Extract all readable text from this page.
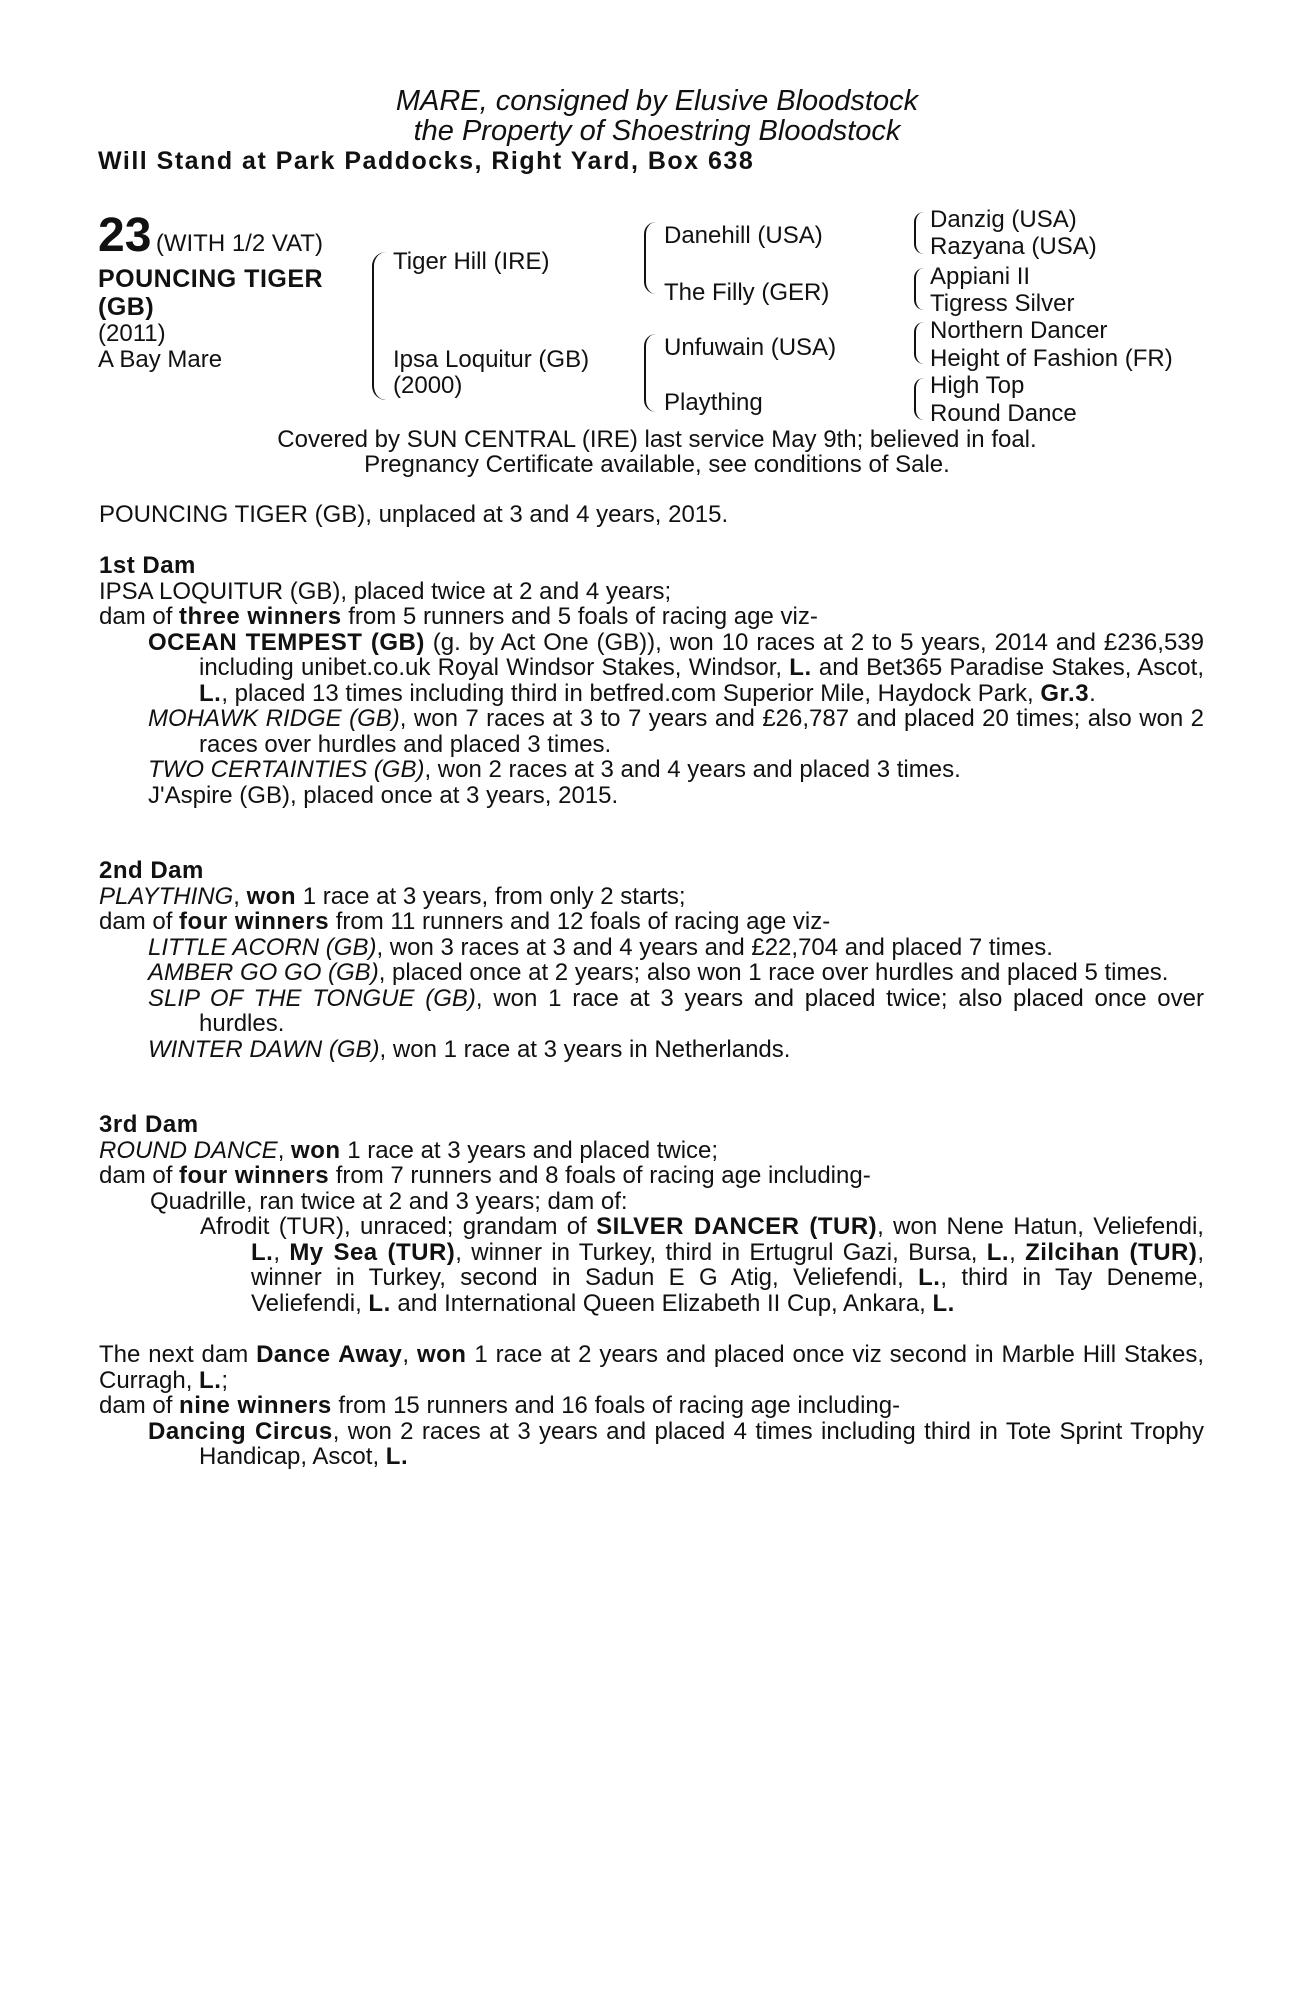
MARE, consigned by Elusive Bloodstock
the Property of Shoestring Bloodstock
Will Stand at Park Paddocks, Right Yard, Box 638
23 (WITH 1/2 VAT)
POUNCING TIGER
(GB)
(2011)
A Bay Mare
Tiger Hill (IRE)
Ipsa Loquitur (GB)
(2000)
Danehill (USA)
The Filly (GER)
Unfuwain (USA)
Plaything
Danzig (USA)
Razyana (USA)
Appiani II
Tigress Silver
Northern Dancer
Height of Fashion (FR)
High Top
Round Dance
Covered by SUN CENTRAL (IRE) last service May 9th; believed in foal.
Pregnancy Certificate available, see conditions of Sale.
POUNCING TIGER (GB), unplaced at 3 and 4 years, 2015.
1st Dam
IPSA LOQUITUR (GB), placed twice at 2 and 4 years;
dam of three winners from 5 runners and 5 foals of racing age viz-
OCEAN TEMPEST (GB) (g. by Act One (GB)), won 10 races at 2 to 5 years, 2014 and £236,539 including unibet.co.uk Royal Windsor Stakes, Windsor, L. and Bet365 Paradise Stakes, Ascot, L., placed 13 times including third in betfred.com Superior Mile, Haydock Park, Gr.3.
MOHAWK RIDGE (GB), won 7 races at 3 to 7 years and £26,787 and placed 20 times; also won 2 races over hurdles and placed 3 times.
TWO CERTAINTIES (GB), won 2 races at 3 and 4 years and placed 3 times.
J'Aspire (GB), placed once at 3 years, 2015.
2nd Dam
PLAYTHING, won 1 race at 3 years, from only 2 starts;
dam of four winners from 11 runners and 12 foals of racing age viz-
LITTLE ACORN (GB), won 3 races at 3 and 4 years and £22,704 and placed 7 times.
AMBER GO GO (GB), placed once at 2 years; also won 1 race over hurdles and placed 5 times.
SLIP OF THE TONGUE (GB), won 1 race at 3 years and placed twice; also placed once over hurdles.
WINTER DAWN (GB), won 1 race at 3 years in Netherlands.
3rd Dam
ROUND DANCE, won 1 race at 3 years and placed twice;
dam of four winners from 7 runners and 8 foals of racing age including-
Quadrille, ran twice at 2 and 3 years; dam of:
Afrodit (TUR), unraced; grandam of SILVER DANCER (TUR), won Nene Hatun, Veliefendi, L., My Sea (TUR), winner in Turkey, third in Ertugrul Gazi, Bursa, L., Zilcihan (TUR), winner in Turkey, second in Sadun E G Atig, Veliefendi, L., third in Tay Deneme, Veliefendi, L. and International Queen Elizabeth II Cup, Ankara, L.
The next dam Dance Away, won 1 race at 2 years and placed once viz second in Marble Hill Stakes, Curragh, L.;
dam of nine winners from 15 runners and 16 foals of racing age including-
Dancing Circus, won 2 races at 3 years and placed 4 times including third in Tote Sprint Trophy Handicap, Ascot, L.
